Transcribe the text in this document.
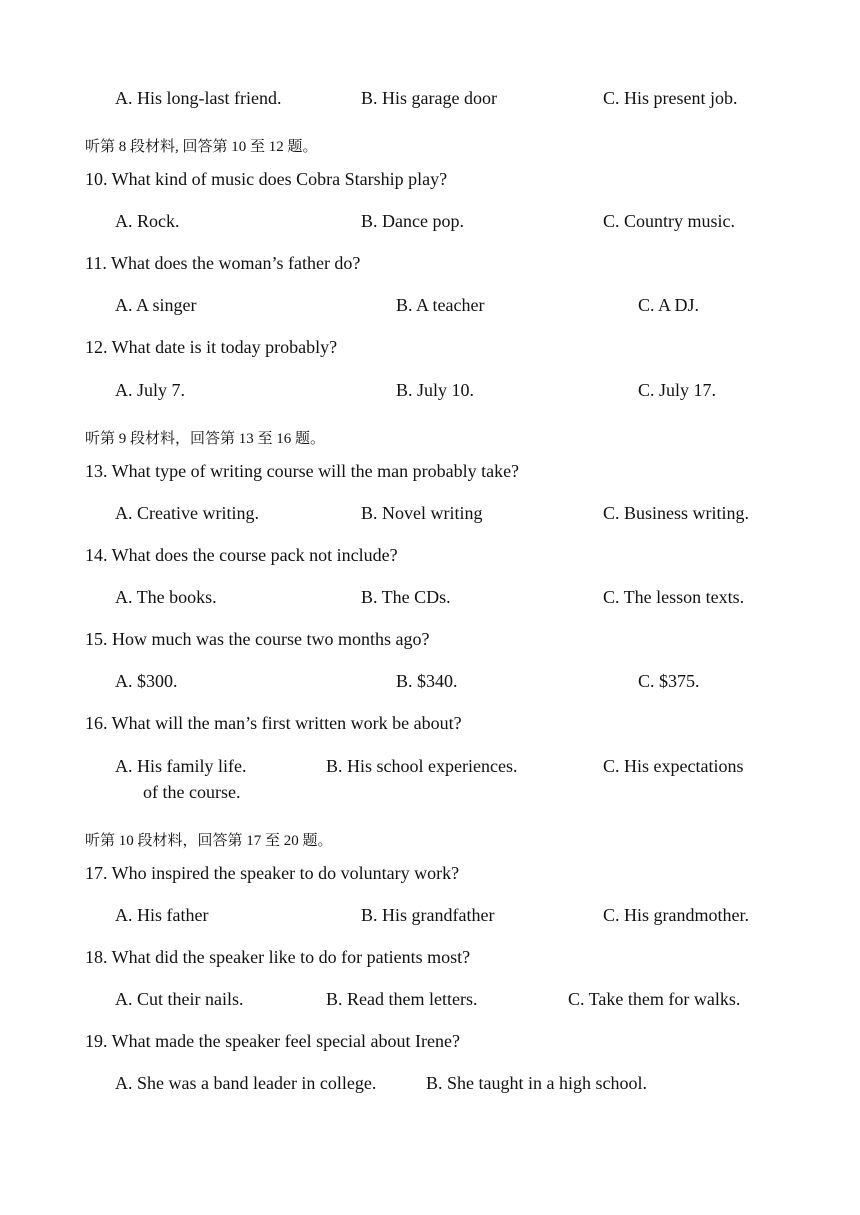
A. His long-last friend.	B. His garage door	C. His present job.
听第 8 段材料, 回答第 10 至 12 题。
10. What kind of music does Cobra Starship play?
A. Rock.	B. Dance pop.	C. Country music.
11. What does the woman’s father do?
A. A singer	B. A teacher	C. A DJ.
12. What date is it today probably?
A. July 7.	B. July 10.	C. July 17.
听第 9 段材料，回答第 13 至 16 题。
13. What type of writing course will the man probably take?
A. Creative writing.	B. Novel writing	C. Business writing.
14. What does the course pack not include?
A. The books.	B. The CDs.	C. The lesson texts.
15. How much was the course two months ago?
A. $300.	B. $340.	C. $375.
16. What will the man’s first written work be about?
A. His family life.	B. His school experiences.	C. His expectations
of the course.
听第 10 段材料，回答第 17 至 20 题。
17. Who inspired the speaker to do voluntary work?
A. His father	B. His grandfather	C. His grandmother.
18. What did the speaker like to do for patients most?
A. Cut their nails.	B. Read them letters.	C. Take them for walks.
19. What made the speaker feel special about Irene?
A. She was a band leader in college.	B. She taught in a high school.
